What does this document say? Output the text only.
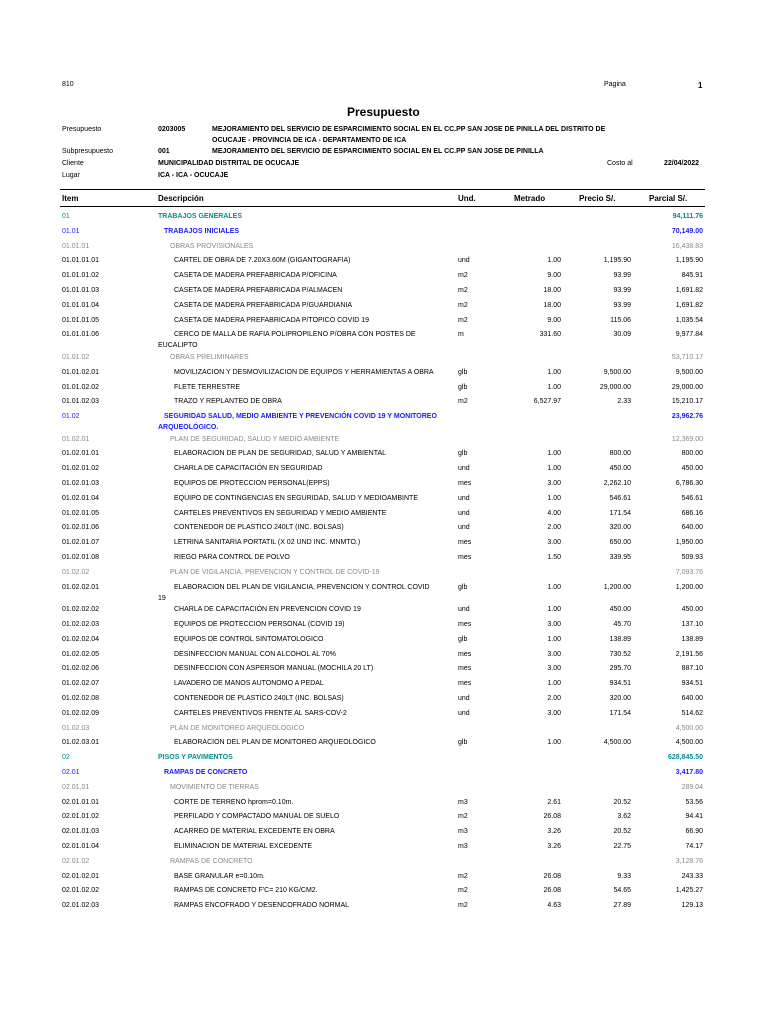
810	Pagina	1
Presupuesto
Presupuesto	0203005	MEJORAMIENTO DEL SERVICIO DE ESPARCIMIENTO SOCIAL EN EL CC.PP SAN JOSE DE PINILLA DEL DISTRITO DE
OCUCAJE - PROVINCIA DE ICA - DEPARTAMENTO DE ICA
Subpresupuesto	001	MEJORAMIENTO DEL SERVICIO DE ESPARCIMIENTO SOCIAL EN EL CC.PP SAN JOSE DE PINILLA
Cliente	MUNICIPALIDAD DISTRITAL DE OCUCAJE	Costo al	22/04/2022
Lugar	ICA - ICA - OCUCAJE
Item	Descripción	Und.	Metrado	Precio S/.	Parcial S/.
01	TRABAJOS GENERALES	94,111.76
01.01	TRABAJOS INICIALES	70,149.00
01.01.01	OBRAS PROVISIONALES	16,438.83
01.01.01.01	CARTEL DE OBRA DE 7.20X3.60M (GIGANTOGRAFIA)	und	1.00	1,195.90	1,195.90
01.01.01.02	CASETA DE MADERA PREFABRICADA P/OFICINA	m2	9.00	93.99	845.91
01.01.01.03	CASETA DE MADERA PREFABRICADA P/ALMACEN	m2	18.00	93.99	1,691.82
01.01.01.04	CASETA DE MADERA PREFABRICADA P/GUARDIANIA	m2	18.00	93.99	1,691.82
01.01.01.05	CASETA DE MADERA PREFABRICADA P/TOPICO COVID 19	m2	9.00	115.06	1,035.54
01.01.01.06	CERCO DE MALLA DE RAFIA POLIPROPILENO P/OBRA CON POSTES DE
EUCALIPTO
m	331.60	30.09	9,977.84
01.01.02	OBRAS PRELIMINARES	53,710.17
01.01.02.01	MOVILIZACION Y DESMOVILIZACION DE EQUIPOS Y HERRAMIENTAS A OBRA	glb	1.00	9,500.00	9,500.00
01.01.02.02	FLETE TERRESTRE	glb	1.00	29,000.00	29,000.00
01.01.02.03	TRAZO Y REPLANTEO DE OBRA	m2	6,527.97	2.33	15,210.17
01.02	SEGURIDAD SALUD, MEDIO AMBIENTE Y PREVENCIÓN COVID 19 Y MONITOREO
ARQUEOLÓGICO.
23,962.76
01.02.01	PLAN DE SEGURIDAD, SALUD Y MEDIO AMBIENTE	12,369.00
01.02.01.01	ELABORACION DE PLAN DE SEGURIDAD, SALUD Y AMBIENTAL	glb	1.00	800.00	800.00
01.02.01.02	CHARLA DE CAPACITACIÓN EN SEGURIDAD	und	1.00	450.00	450.00
01.02.01.03	EQUIPOS DE PROTECCION PERSONAL(EPPS)	mes	3.00	2,262.10	6,786.30
01.02.01.04	EQUIPO DE CONTINGENCIAS EN SEGURIDAD, SALUD Y MEDIOAMBINTE	und	1.00	546.61	546.61
01.02.01.05	CARTELES PREVENTIVOS EN SEGURIDAD Y MEDIO AMBIENTE	und	4.00	171.54	686.16
01.02.01.06	CONTENEDOR DE PLASTICO 240LT (INC. BOLSAS)	und	2.00	320.00	640.00
01.02.01.07	LETRINA SANITARIA PORTATIL (X 02 UND INC. MNMTO.)	mes	3.00	650.00	1,950.00
01.02.01.08	RIEGO PARA CONTROL DE POLVO	mes	1.50	339.95	509.93
01.02.02	PLAN DE VIGILANCIA, PREVENCION Y CONTROL DE COVID-19	7,093.76
01.02.02.01	ELABORACION DEL PLAN DE VIGILANCIA, PREVENCION Y CONTROL COVID
19
glb	1.00	1,200.00	1,200.00
01.02.02.02	CHARLA DE CAPACITACIÓN EN PREVENCION COVID 19	und	1.00	450.00	450.00
01.02.02.03	EQUIPOS DE PROTECCION PERSONAL (COVID 19)	mes	3.00	45.70	137.10
01.02.02.04	EQUIPOS DE CONTROL SINTOMATOLOGICO	glb	1.00	138.89	138.89
01.02.02.05	DESINFECCION MANUAL CON ALCOHOL AL 70%	mes	3.00	730.52	2,191.56
01.02.02.06	DESINFECCION CON ASPERSOR MANUAL (MOCHILA 20 LT)	mes	3.00	295.70	887.10
01.02.02.07	LAVADERO DE MANOS AUTONOMO A PEDAL	mes	1.00	934.51	934.51
01.02.02.08	CONTENEDOR DE PLASTICO 240LT (INC. BOLSAS)	und	2.00	320.00	640.00
01.02.02.09	CARTELES PREVENTIVOS FRENTE AL SARS-COV-2	und	3.00	171.54	514.62
01.02.03	PLAN DE MONITOREO ARQUEOLOGICO	4,500.00
01.02.03.01	ELABORACION DEL PLAN DE MONITOREO ARQUEOLOGICO	glb	1.00	4,500.00	4,500.00
02	PISOS Y PAVIMENTOS	628,845.50
02.01	RAMPAS DE CONCRETO	3,417.80
02.01.01	MOVIMIENTO DE TIERRAS	289.04
02.01.01.01	CORTE DE TERRENO hprom=0.10m.	m3	2.61	20.52	53.56
02.01.01.02	PERFILADO Y COMPACTADO MANUAL DE SUELO	m2	26.08	3.62	94.41
02.01.01.03	ACARREO DE MATERIAL EXCEDENTE EN OBRA	m3	3.26	20.52	66.90
02.01.01.04	ELIMINACION DE MATERIAL EXCEDENTE	m3	3.26	22.75	74.17
02.01.02	RAMPAS DE CONCRETO	3,128.76
02.01.02.01	BASE GRANULAR e=0.10m.	m2	26.08	9.33	243.33
02.01.02.02	RAMPAS DE CONCRETO F'C= 210 KG/CM2.	m2	26.08	54.65	1,425.27
02.01.02.03	RAMPAS ENCOFRADO Y DESENCOFRADO NORMAL	m2	4.63	27.89	129.13
